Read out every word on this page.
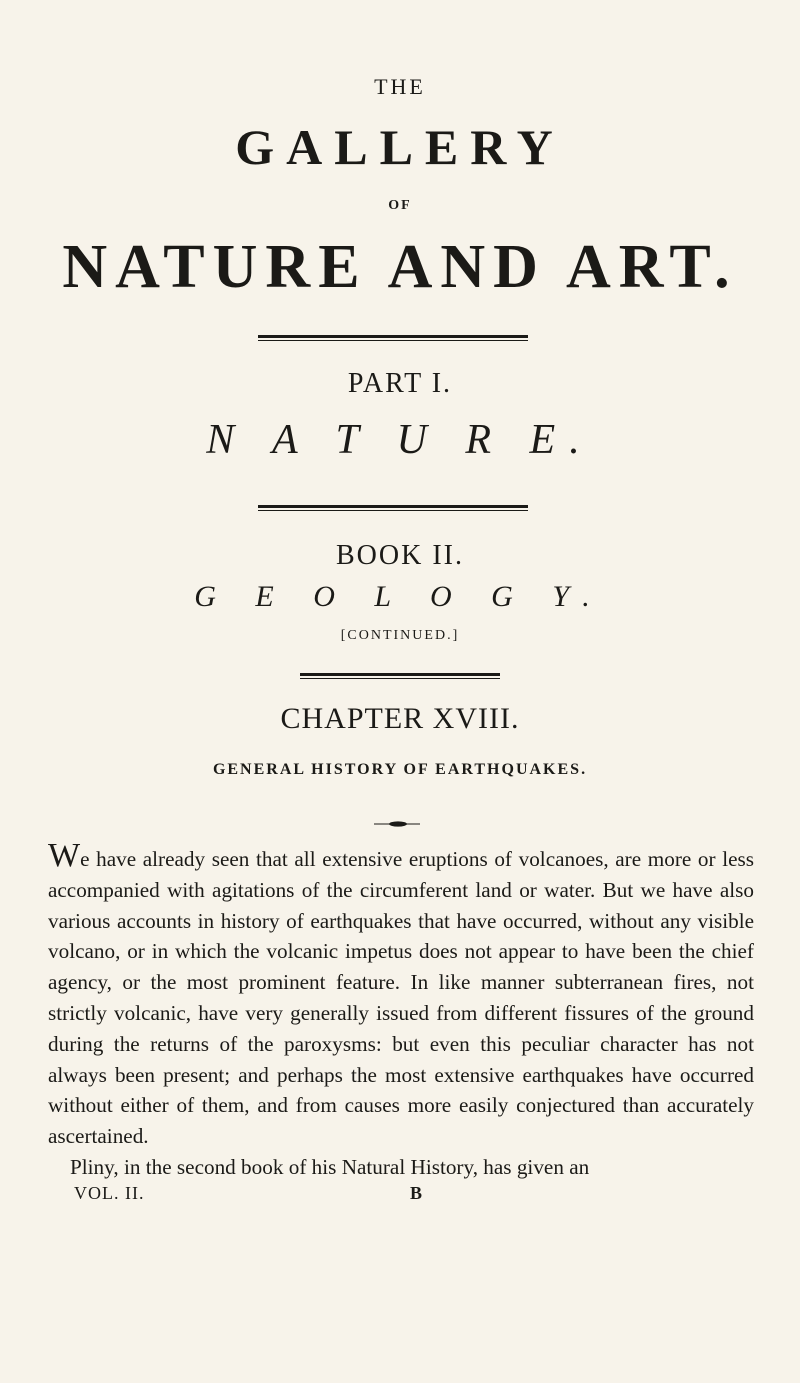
THE
GALLERY
OF
NATURE AND ART.
PART I.
N A T U R E.
BOOK II.
G E O L O G Y.
[CONTINUED.]
CHAPTER XVIII.
GENERAL HISTORY OF EARTHQUAKES.

We have already seen that all extensive eruptions of volcanoes, are more or less accompanied with agitations of the circumferent land or water. But we have also various accounts in history of earthquakes that have occurred, without any visible volcano, or in which the volcanic impetus does not appear to have been the chief agency, or the most prominent feature. In like manner subterranean fires, not strictly volcanic, have very generally issued from different fissures of the ground during the returns of the paroxysms: but even this peculiar character has not always been present; and perhaps the most extensive earthquakes have occurred without either of them, and from causes more easily conjectured than accurately ascertained.

Pliny, in the second book of his Natural History, has given an

VOL. II.	B
